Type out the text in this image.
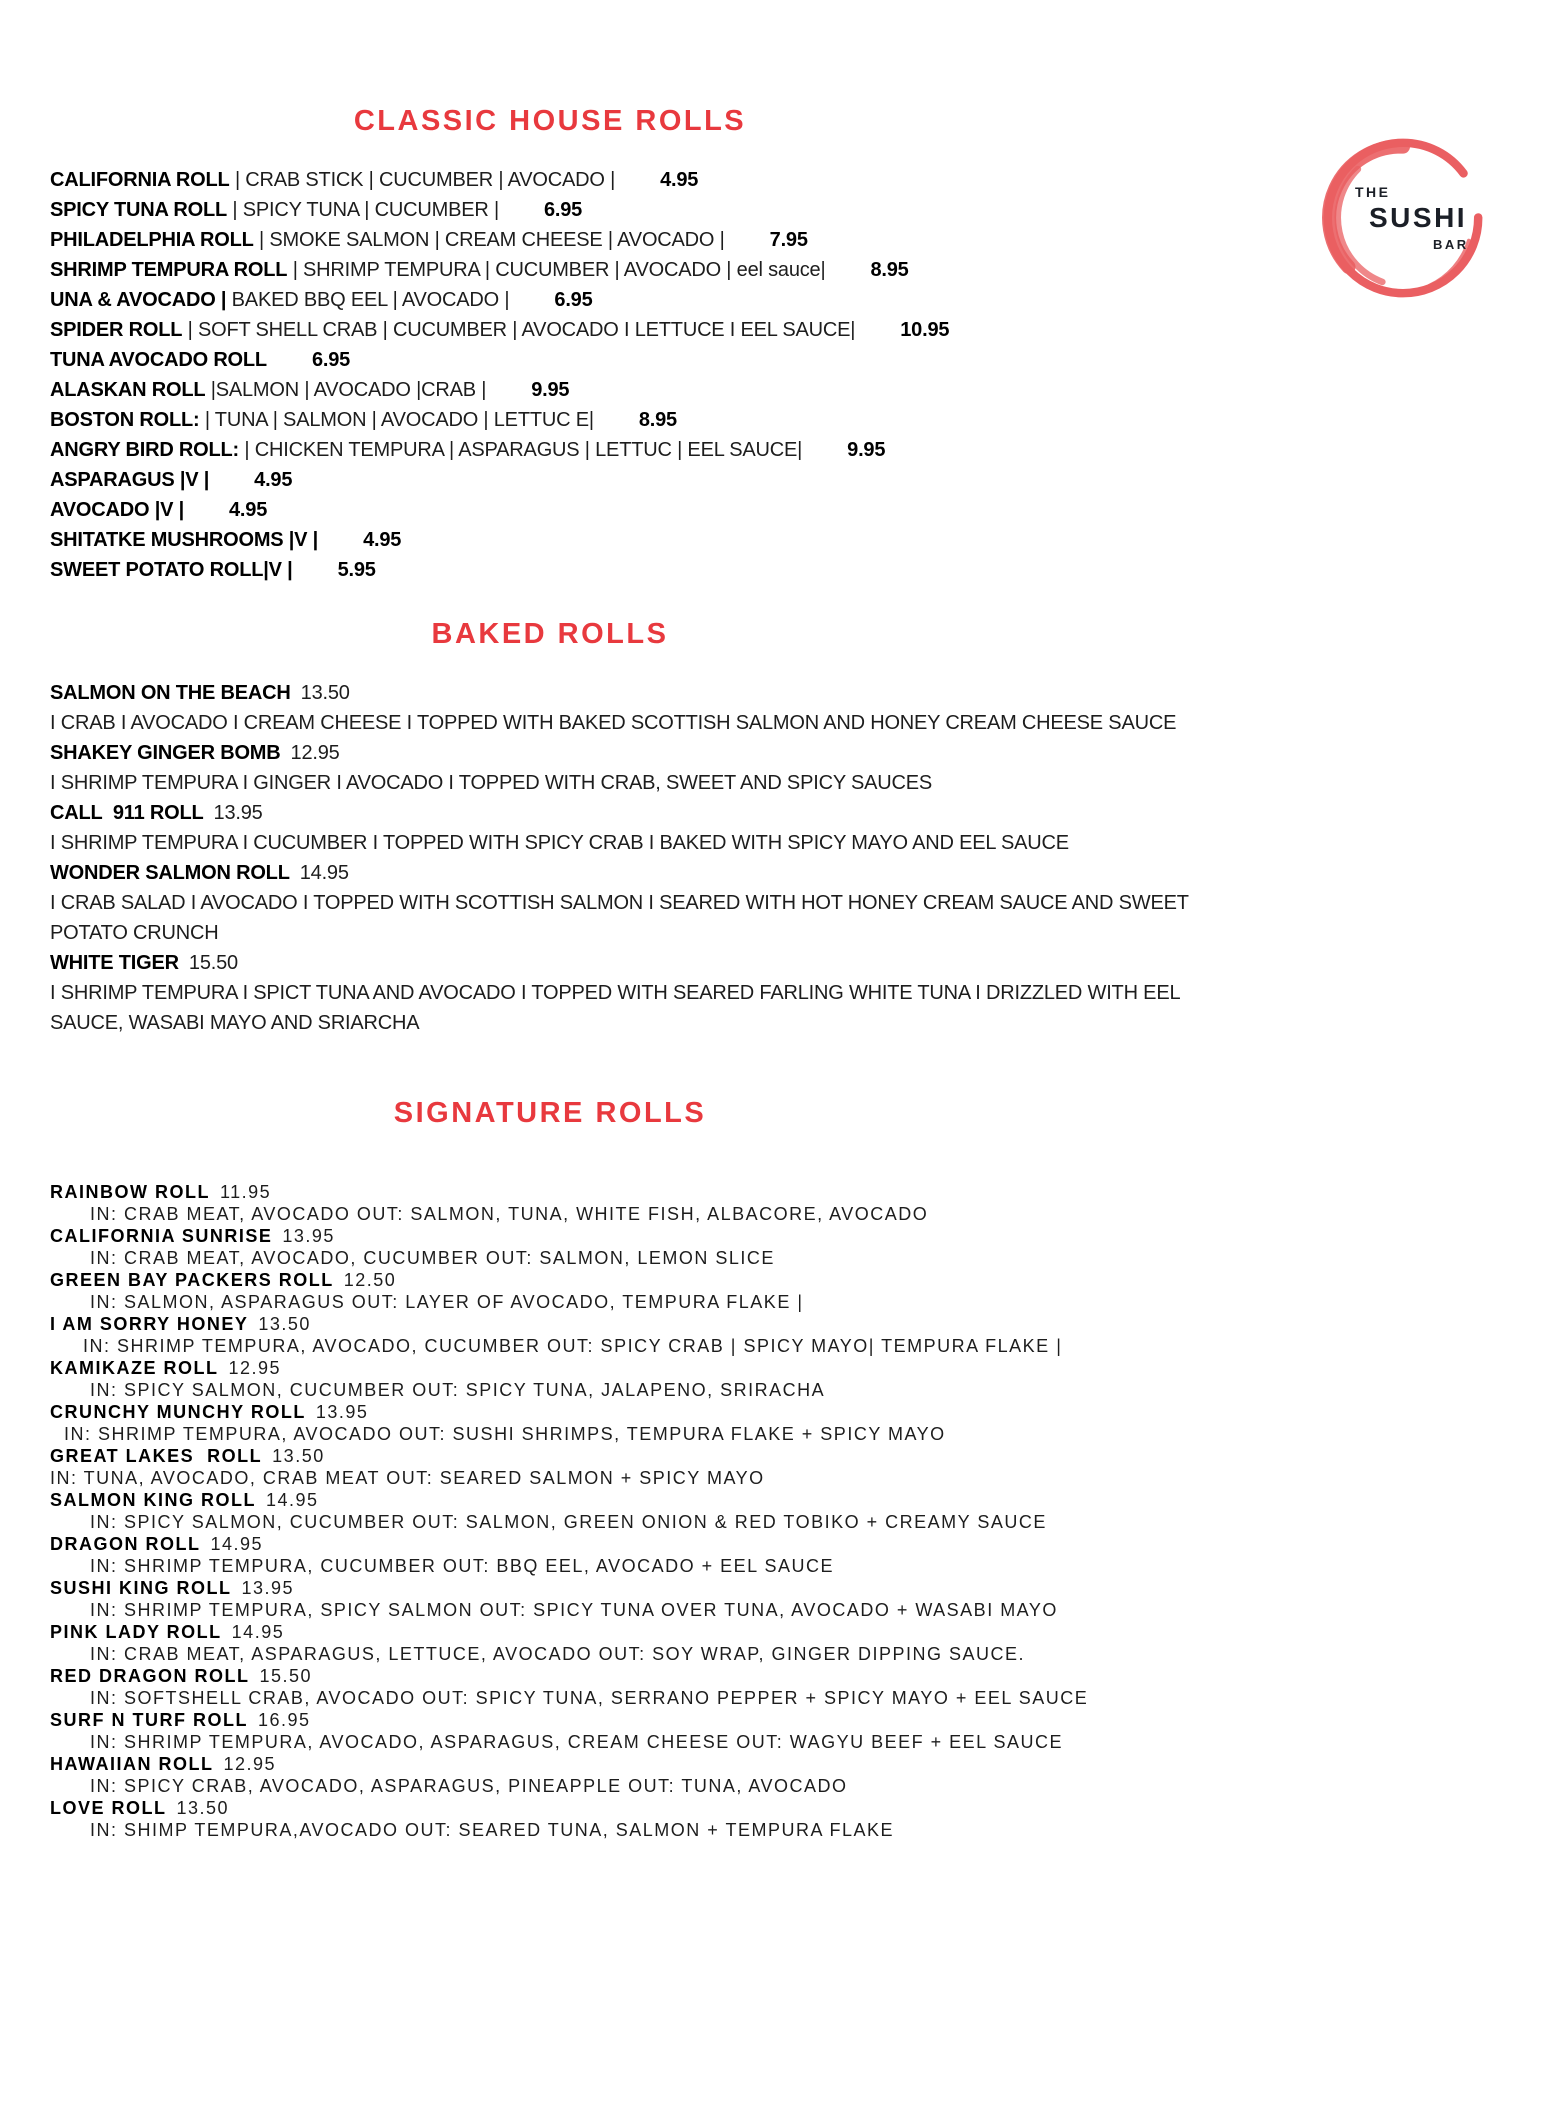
THE
SUSHI
BAR
CLASSIC HOUSE ROLLS
CALIFORNIA ROLL | CRAB STICK | CUCUMBER | AVOCADO | 4.95
SPICY TUNA ROLL | SPICY TUNA | CUCUMBER | 6.95
PHILADELPHIA ROLL | SMOKE SALMON | CREAM CHEESE | AVOCADO | 7.95
SHRIMP TEMPURA ROLL | SHRIMP TEMPURA | CUCUMBER | AVOCADO | eel sauce| 8.95
UNA & AVOCADO | BAKED BBQ EEL | AVOCADO | 6.95
SPIDER ROLL | SOFT SHELL CRAB | CUCUMBER | AVOCADO I LETTUCE I EEL SAUCE| 10.95
TUNA AVOCADO ROLL 6.95
ALASKAN ROLL |SALMON | AVOCADO |CRAB | 9.95
BOSTON ROLL: | TUNA | SALMON | AVOCADO | LETTUC E| 8.95
ANGRY BIRD ROLL: | CHICKEN TEMPURA | ASPARAGUS | LETTUC | EEL SAUCE| 9.95
ASPARAGUS |V | 4.95
AVOCADO |V | 4.95
SHITATKE MUSHROOMS |V | 4.95
SWEET POTATO ROLL|V | 5.95
BAKED ROLLS
SALMON ON THE BEACH 13.50
I CRAB I AVOCADO I CREAM CHEESE I TOPPED WITH BAKED SCOTTISH SALMON AND HONEY CREAM CHEESE SAUCE
SHAKEY GINGER BOMB 12.95
I SHRIMP TEMPURA I GINGER I AVOCADO I TOPPED WITH CRAB, SWEET AND SPICY SAUCES
CALL  911 ROLL 13.95
I SHRIMP TEMPURA I CUCUMBER I TOPPED WITH SPICY CRAB I BAKED WITH SPICY MAYO AND EEL SAUCE
WONDER SALMON ROLL 14.95
I CRAB SALAD I AVOCADO I TOPPED WITH SCOTTISH SALMON I SEARED WITH HOT HONEY CREAM SAUCE AND SWEET
POTATO CRUNCH
WHITE TIGER 15.50
I SHRIMP TEMPURA I SPICT TUNA AND AVOCADO I TOPPED WITH SEARED FARLING WHITE TUNA I DRIZZLED WITH EEL
SAUCE, WASABI MAYO AND SRIARCHA
SIGNATURE ROLLS
RAINBOW ROLL 11.95
IN: CRAB MEAT, AVOCADO OUT: SALMON, TUNA, WHITE FISH, ALBACORE, AVOCADO
CALIFORNIA SUNRISE 13.95
IN: CRAB MEAT, AVOCADO, CUCUMBER OUT: SALMON, LEMON SLICE
GREEN BAY PACKERS ROLL 12.50
IN: SALMON, ASPARAGUS OUT: LAYER OF AVOCADO, TEMPURA FLAKE |
I AM SORRY HONEY 13.50
IN: SHRIMP TEMPURA, AVOCADO, CUCUMBER OUT: SPICY CRAB | SPICY MAYO| TEMPURA FLAKE |
KAMIKAZE ROLL 12.95
IN: SPICY SALMON, CUCUMBER OUT: SPICY TUNA, JALAPENO, SRIRACHA
CRUNCHY MUNCHY ROLL 13.95
IN: SHRIMP TEMPURA, AVOCADO OUT: SUSHI SHRIMPS, TEMPURA FLAKE + SPICY MAYO
GREAT LAKES  ROLL 13.50
IN: TUNA, AVOCADO, CRAB MEAT OUT: SEARED SALMON + SPICY MAYO
SALMON KING ROLL 14.95
IN: SPICY SALMON, CUCUMBER OUT: SALMON, GREEN ONION & RED TOBIKO + CREAMY SAUCE
DRAGON ROLL 14.95
IN: SHRIMP TEMPURA, CUCUMBER OUT: BBQ EEL, AVOCADO + EEL SAUCE
SUSHI KING ROLL 13.95
IN: SHRIMP TEMPURA, SPICY SALMON OUT: SPICY TUNA OVER TUNA, AVOCADO + WASABI MAYO
PINK LADY ROLL 14.95
IN: CRAB MEAT, ASPARAGUS, LETTUCE, AVOCADO OUT: SOY WRAP, GINGER DIPPING SAUCE.
RED DRAGON ROLL 15.50
IN: SOFTSHELL CRAB, AVOCADO OUT: SPICY TUNA, SERRANO PEPPER + SPICY MAYO + EEL SAUCE
SURF N TURF ROLL 16.95
IN: SHRIMP TEMPURA, AVOCADO, ASPARAGUS, CREAM CHEESE OUT: WAGYU BEEF + EEL SAUCE
HAWAIIAN ROLL 12.95
IN: SPICY CRAB, AVOCADO, ASPARAGUS, PINEAPPLE OUT: TUNA, AVOCADO
LOVE ROLL 13.50
IN: SHIMP TEMPURA,AVOCADO OUT: SEARED TUNA, SALMON + TEMPURA FLAKE
